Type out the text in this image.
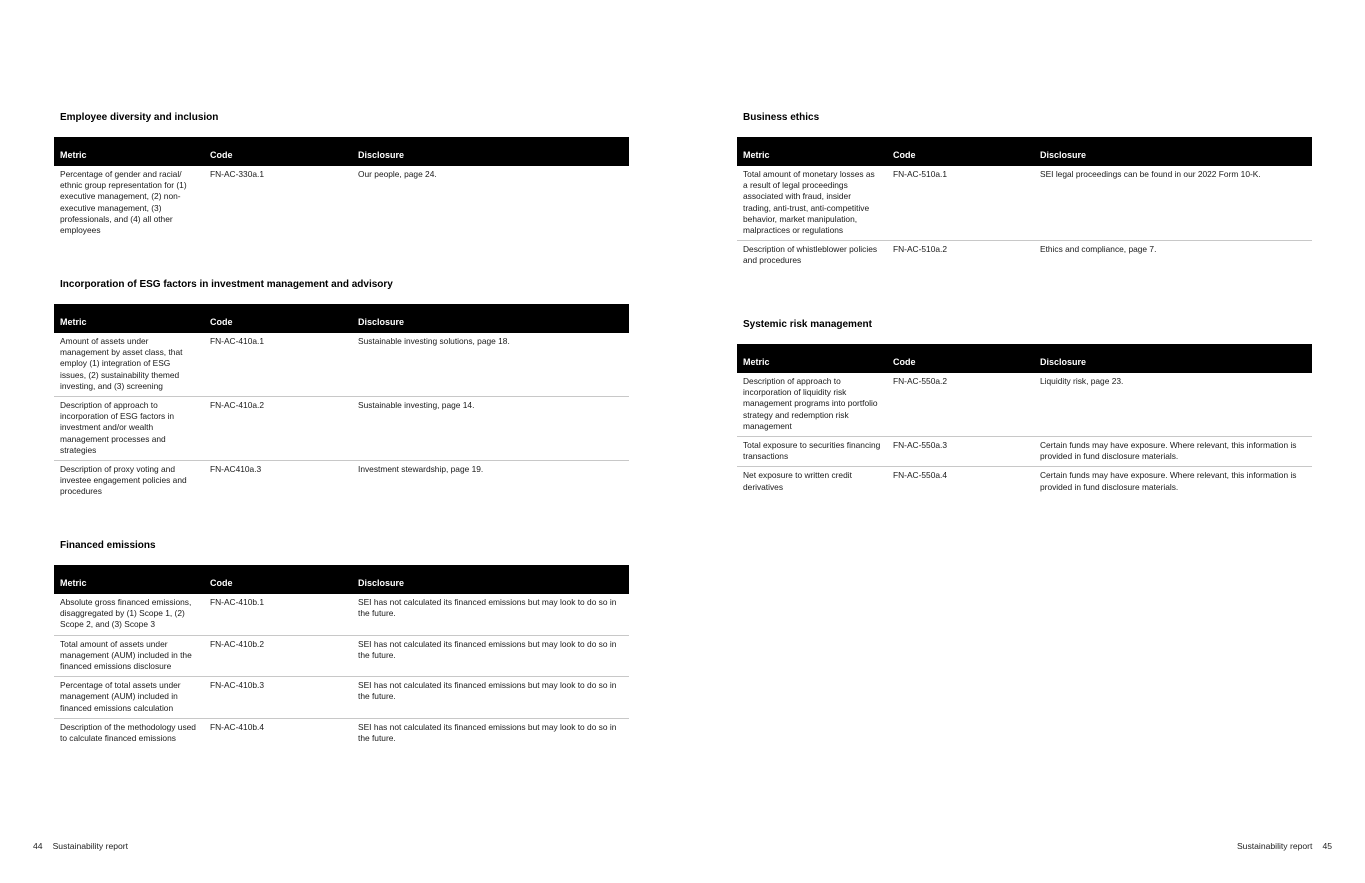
Employee diversity and inclusion
Metric	Code	Disclosure
Percentage of gender and racial/ ethnic group representation for (1) executive management, (2) non-executive management, (3) professionals, and (4) all other employees	FN-AC-330a.1	Our people, page 24.
Incorporation of ESG factors in investment management and advisory
Metric	Code	Disclosure
Amount of assets under management by asset class, that employ (1) integration of ESG issues, (2) sustainability themed investing, and (3) screening	FN-AC-410a.1	Sustainable investing solutions, page 18.
Description of approach to incorporation of ESG factors in investment and/or wealth management processes and strategies	FN-AC-410a.2	Sustainable investing, page 14.
Description of proxy voting and investee engagement policies and procedures	FN-AC410a.3	Investment stewardship, page 19.
Financed emissions
Metric	Code	Disclosure
Absolute gross financed emissions, disaggregated by (1) Scope 1, (2) Scope 2, and (3) Scope 3	FN-AC-410b.1	SEI has not calculated its financed emissions but may look to do so in the future.
Total amount of assets under management (AUM) included in the financed emissions disclosure	FN-AC-410b.2	SEI has not calculated its financed emissions but may look to do so in the future.
Percentage of total assets under management (AUM) included in financed emissions calculation	FN-AC-410b.3	SEI has not calculated its financed emissions but may look to do so in the future.
Description of the methodology used to calculate financed emissions	FN-AC-410b.4	SEI has not calculated its financed emissions but may look to do so in the future.
Business ethics
Metric	Code	Disclosure
Total amount of monetary losses as a result of legal proceedings associated with fraud, insider trading, anti-trust, anti-competitive behavior, market manipulation, malpractices or regulations	FN-AC-510a.1	SEI legal proceedings can be found in our 2022 Form 10-K.
Description of whistleblower policies and procedures	FN-AC-510a.2	Ethics and compliance, page 7.
Systemic risk management
Metric	Code	Disclosure
Description of approach to incorporation of liquidity risk management programs into portfolio strategy and redemption risk management	FN-AC-550a.2	Liquidity risk, page 23.
Total exposure to securities financing transactions	FN-AC-550a.3	Certain funds may have exposure. Where relevant, this information is provided in fund disclosure materials.
Net exposure to written credit derivatives	FN-AC-550a.4	Certain funds may have exposure. Where relevant, this information is provided in fund disclosure materials.
44 Sustainability report	Sustainability report 45
